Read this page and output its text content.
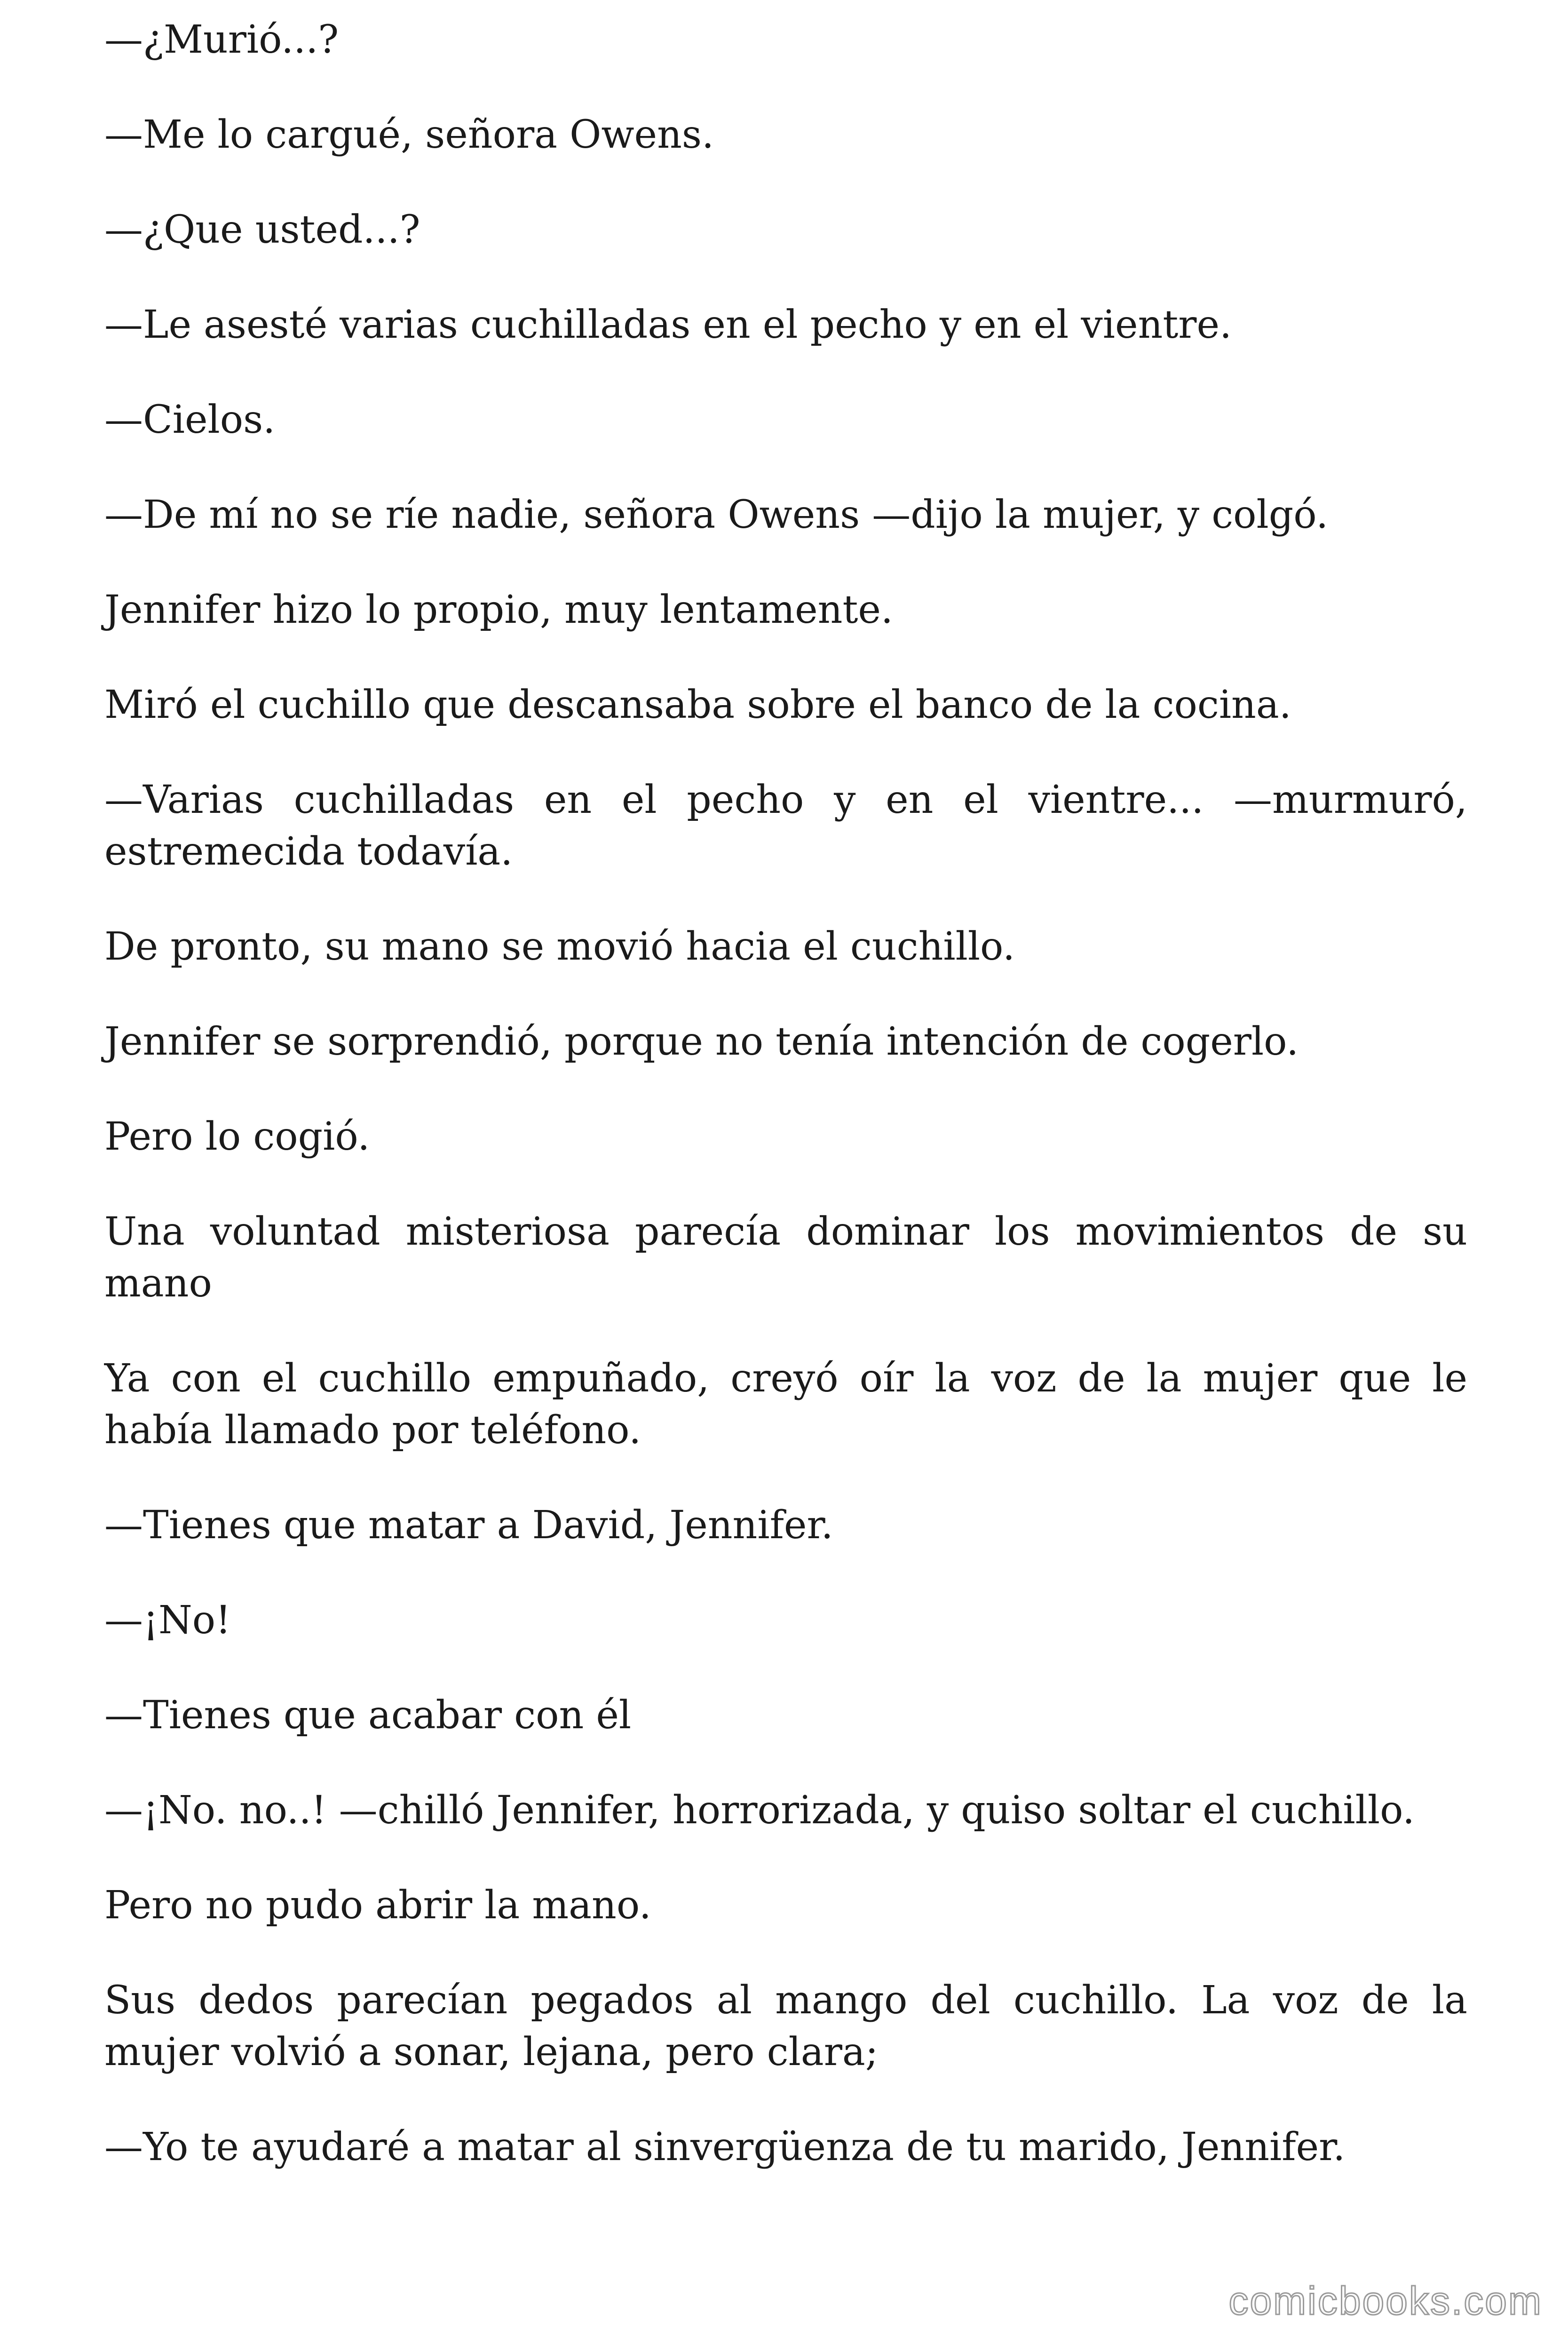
—¿Murió...?

—Me lo cargué, señora Owens.

—¿Que usted...?

—Le asesté varias cuchilladas en el pecho y en el vientre.

—Cielos.

—De mí no se ríe nadie, señora Owens —dijo la mujer, y colgó.

Jennifer hizo lo propio, muy lentamente.

Miró el cuchillo que descansaba sobre el banco de la cocina.

—Varias cuchilladas en el pecho y en el vientre... —murmuró, estremecida todavía.

De pronto, su mano se movió hacia el cuchillo.

Jennifer se sorprendió, porque no tenía intención de cogerlo.

Pero lo cogió.

Una voluntad misteriosa parecía dominar los movimientos de su mano

Ya con el cuchillo empuñado, creyó oír la voz de la mujer que le había llamado por teléfono.

—Tienes que matar a David, Jennifer.

—¡No!

—Tienes que acabar con él

—¡No. no..! —chilló Jennifer, horrorizada, y quiso soltar el cuchillo.

Pero no pudo abrir la mano.

Sus dedos parecían pegados al mango del cuchillo. La voz de la mujer volvió a sonar, lejana, pero clara;

—Yo te ayudaré a matar al sinvergüenza de tu marido, Jennifer.

comicbooks.com
